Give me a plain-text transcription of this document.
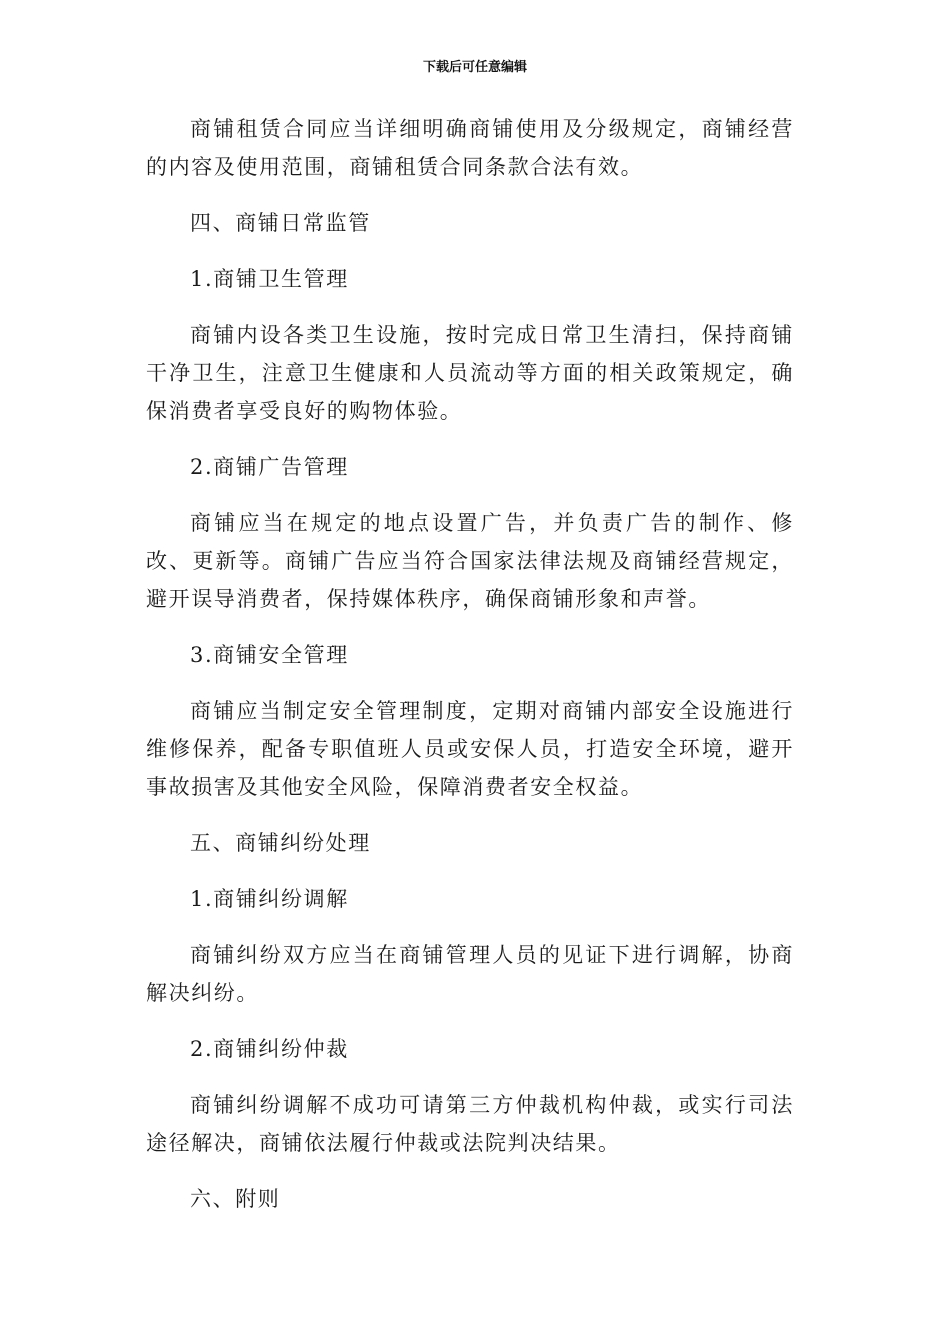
下载后可任意编辑

商铺租赁合同应当详细明确商铺使用及分级规定，商铺经营的内容及使用范围，商铺租赁合同条款合法有效。

四、商铺日常监管

1.商铺卫生管理

商铺内设各类卫生设施，按时完成日常卫生清扫，保持商铺干净卫生，注意卫生健康和人员流动等方面的相关政策规定，确保消费者享受良好的购物体验。

2.商铺广告管理

商铺应当在规定的地点设置广告，并负责广告的制作、修改、更新等。商铺广告应当符合国家法律法规及商铺经营规定，避开误导消费者，保持媒体秩序，确保商铺形象和声誉。

3.商铺安全管理

商铺应当制定安全管理制度，定期对商铺内部安全设施进行维修保养，配备专职值班人员或安保人员，打造安全环境，避开事故损害及其他安全风险，保障消费者安全权益。

五、商铺纠纷处理

1.商铺纠纷调解

商铺纠纷双方应当在商铺管理人员的见证下进行调解，协商解决纠纷。

2.商铺纠纷仲裁

商铺纠纷调解不成功可请第三方仲裁机构仲裁，或实行司法途径解决，商铺依法履行仲裁或法院判决结果。

六、附则
